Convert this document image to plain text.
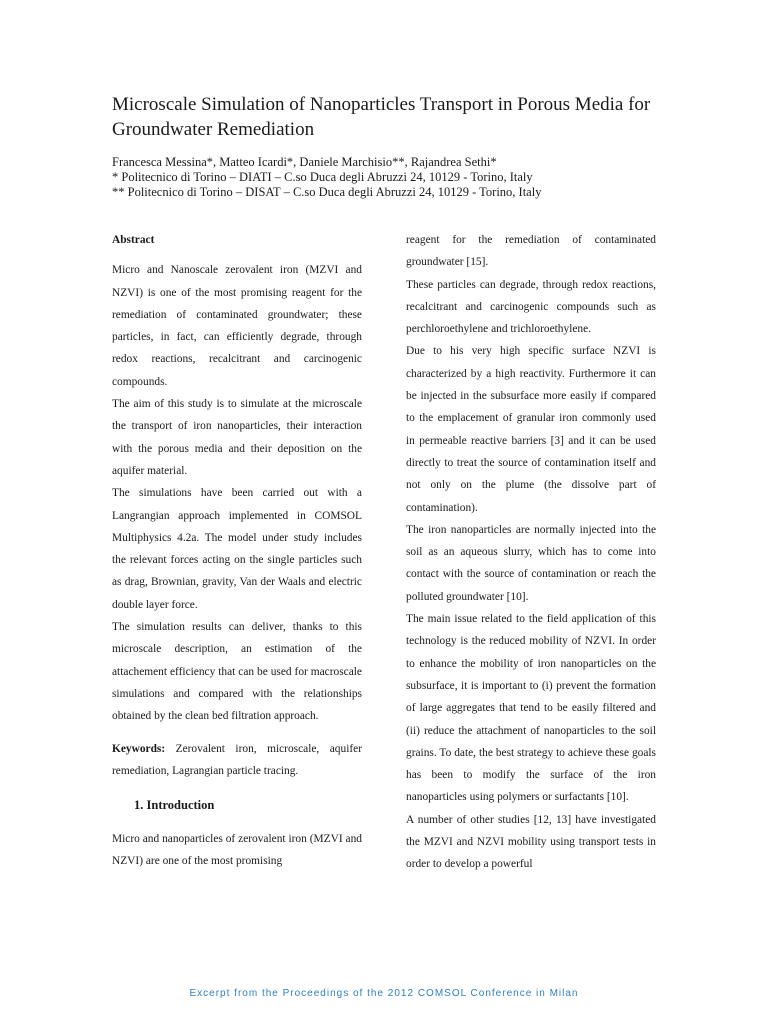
Microscale Simulation of Nanoparticles Transport in Porous Media for Groundwater Remediation
Francesca Messina*, Matteo Icardi*, Daniele Marchisio**, Rajandrea Sethi*
* Politecnico di Torino – DIATI – C.so Duca degli Abruzzi 24, 10129 - Torino, Italy
** Politecnico di Torino – DISAT – C.so Duca degli Abruzzi 24, 10129 - Torino, Italy

Abstract

Micro and Nanoscale zerovalent iron (MZVI and NZVI) is one of the most promising reagent for the remediation of contaminated groundwater; these particles, in fact, can efficiently degrade, through redox reactions, recalcitrant and carcinogenic compounds.

The aim of this study is to simulate at the microscale the transport of iron nanoparticles, their interaction with the porous media and their deposition on the aquifer material.

The simulations have been carried out with a Langrangian approach implemented in COMSOL Multiphysics 4.2a. The model under study includes the relevant forces acting on the single particles such as drag, Brownian, gravity, Van der Waals and electric double layer force.

The simulation results can deliver, thanks to this microscale description, an estimation of the attachement efficiency that can be used for macroscale simulations and compared with the relationships obtained by the clean bed filtration approach.

Keywords: Zerovalent iron, microscale, aquifer remediation, Lagrangian particle tracing.

1. Introduction

Micro and nanoparticles of zerovalent iron (MZVI and NZVI) are one of the most promising

reagent for the remediation of contaminated groundwater [15].

These particles can degrade, through redox reactions, recalcitrant and carcinogenic compounds such as perchloroethylene and trichloroethylene.

Due to his very high specific surface NZVI is characterized by a high reactivity. Furthermore it can be injected in the subsurface more easily if compared to the emplacement of granular iron commonly used in permeable reactive barriers [3] and it can be used directly to treat the source of contamination itself and not only on the plume (the dissolve part of contamination).

The iron nanoparticles are normally injected into the soil as an aqueous slurry, which has to come into contact with the source of contamination or reach the polluted groundwater [10].

The main issue related to the field application of this technology is the reduced mobility of NZVI. In order to enhance the mobility of iron nanoparticles on the subsurface, it is important to (i) prevent the formation of large aggregates that tend to be easily filtered and (ii) reduce the attachment of nanoparticles to the soil grains. To date, the best strategy to achieve these goals has been to modify the surface of the iron nanoparticles using polymers or surfactants [10].

A number of other studies [12, 13] have investigated the MZVI and NZVI mobility using transport tests in order to develop a powerful

Excerpt from the Proceedings of the 2012 COMSOL Conference in Milan
